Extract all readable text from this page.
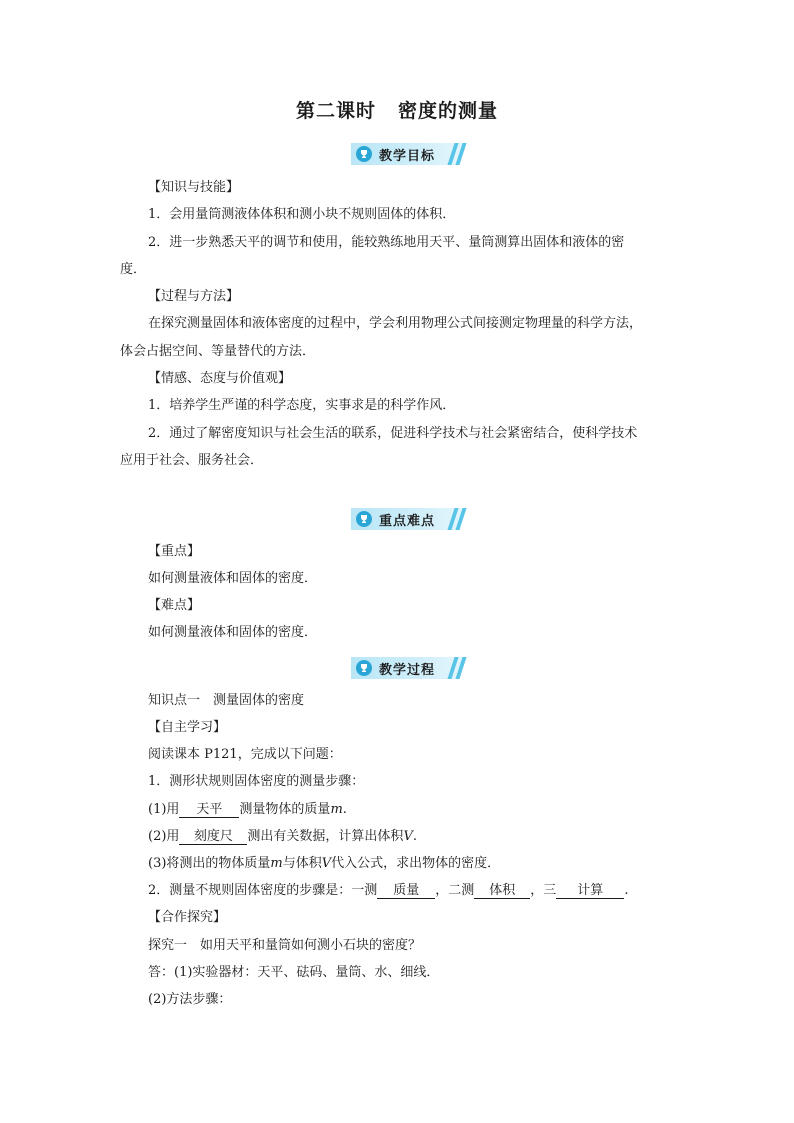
第二课时 密度的测量
教学目标
【知识与技能】
1．会用量筒测液体体积和测小块不规则固体的体积．
2．进一步熟悉天平的调节和使用，能较熟练地用天平、量筒测算出固体和液体的密
度．
【过程与方法】
在探究测量固体和液体密度的过程中，学会利用物理公式间接测定物理量的科学方法，
体会占据空间、等量替代的方法．
【情感、态度与价值观】
1．培养学生严谨的科学态度，实事求是的科学作风．
2．通过了解密度知识与社会生活的联系，促进科学技术与社会紧密结合，使科学技术
应用于社会、服务社会．
重点难点
【重点】
如何测量液体和固体的密度．
【难点】
如何测量液体和固体的密度．
教学过程
知识点一　测量固体的密度
【自主学习】
阅读课本 P121，完成以下问题：
1．测形状规则固体密度的测量步骤：
(1)用 天平 测量物体的质量m.
(2)用 刻度尺 测出有关数据，计算出体积V.
(3)将测出的物体质量m与体积V代入公式，求出物体的密度．
2．测量不规则固体密度的步骤是：一测 质量 ，二测 体积 ，三 计算 .
【合作探究】
探究一　如用天平和量筒如何测小石块的密度？
答：(1)实验器材：天平、砝码、量筒、水、细线．
(2)方法步骤：
